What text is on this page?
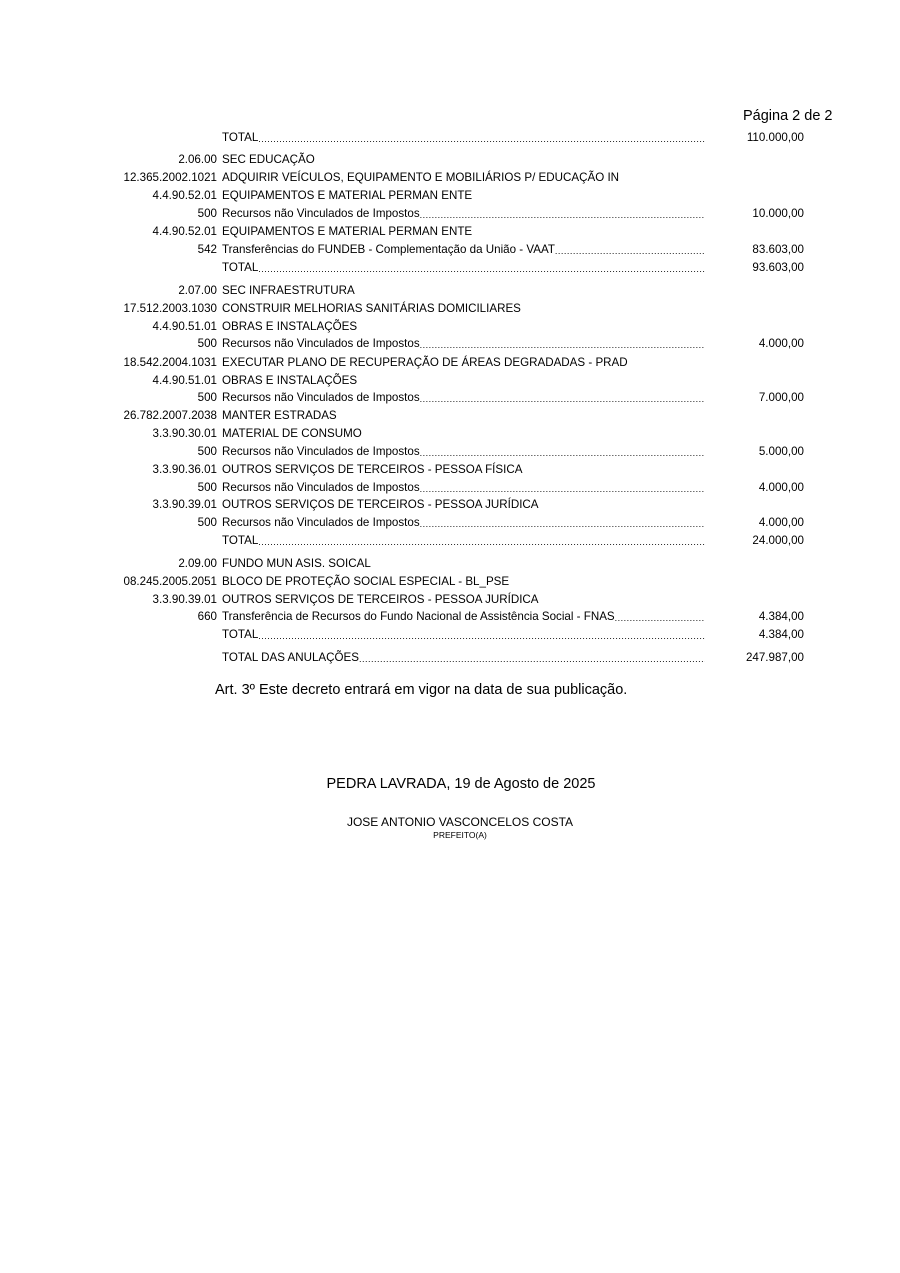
Página 2 de 2
TOTAL .....	110.000,00
2.06.00 SEC EDUCAÇÃO
12.365.2002.1021 ADQUIRIR VEÍCULOS, EQUIPAMENTO E MOBILIÁRIOS P/ EDUCAÇÃO IN
4.4.90.52.01 EQUIPAMENTOS E MATERIAL PERMAN ENTE
500 Recursos não Vinculados de Impostos .....	10.000,00
4.4.90.52.01 EQUIPAMENTOS E MATERIAL PERMAN ENTE
542 Transferências do FUNDEB - Complementação da União - VAAT .....	83.603,00
TOTAL .....	93.603,00
2.07.00 SEC INFRAESTRUTURA
17.512.2003.1030 CONSTRUIR MELHORIAS SANITÁRIAS DOMICILIARES
4.4.90.51.01 OBRAS E INSTALAÇÕES
500 Recursos não Vinculados de Impostos .....	4.000,00
18.542.2004.1031 EXECUTAR PLANO DE RECUPERAÇÃO DE ÁREAS DEGRADADAS - PRAD
4.4.90.51.01 OBRAS E INSTALAÇÕES
500 Recursos não Vinculados de Impostos .....	7.000,00
26.782.2007.2038 MANTER ESTRADAS
3.3.90.30.01 MATERIAL DE CONSUMO
500 Recursos não Vinculados de Impostos .....	5.000,00
3.3.90.36.01 OUTROS SERVIÇOS DE TERCEIROS - PESSOA FÍSICA
500 Recursos não Vinculados de Impostos .....	4.000,00
3.3.90.39.01 OUTROS SERVIÇOS DE TERCEIROS - PESSOA JURÍDICA
500 Recursos não Vinculados de Impostos .....	4.000,00
TOTAL .....	24.000,00
2.09.00 FUNDO MUN ASIS. SOICAL
08.245.2005.2051 BLOCO DE PROTEÇÃO SOCIAL ESPECIAL - BL_PSE
3.3.90.39.01 OUTROS SERVIÇOS DE TERCEIROS - PESSOA JURÍDICA
660 Transferência de Recursos do Fundo Nacional de Assistência Social - FNAS .....	4.384,00
TOTAL .....	4.384,00
TOTAL DAS ANULAÇÕES .....	247.987,00
Art. 3º Este decreto entrará em vigor na data de sua publicação.
PEDRA LAVRADA, 19 de Agosto de 2025
JOSE ANTONIO VASCONCELOS COSTA
PREFEITO(A)
